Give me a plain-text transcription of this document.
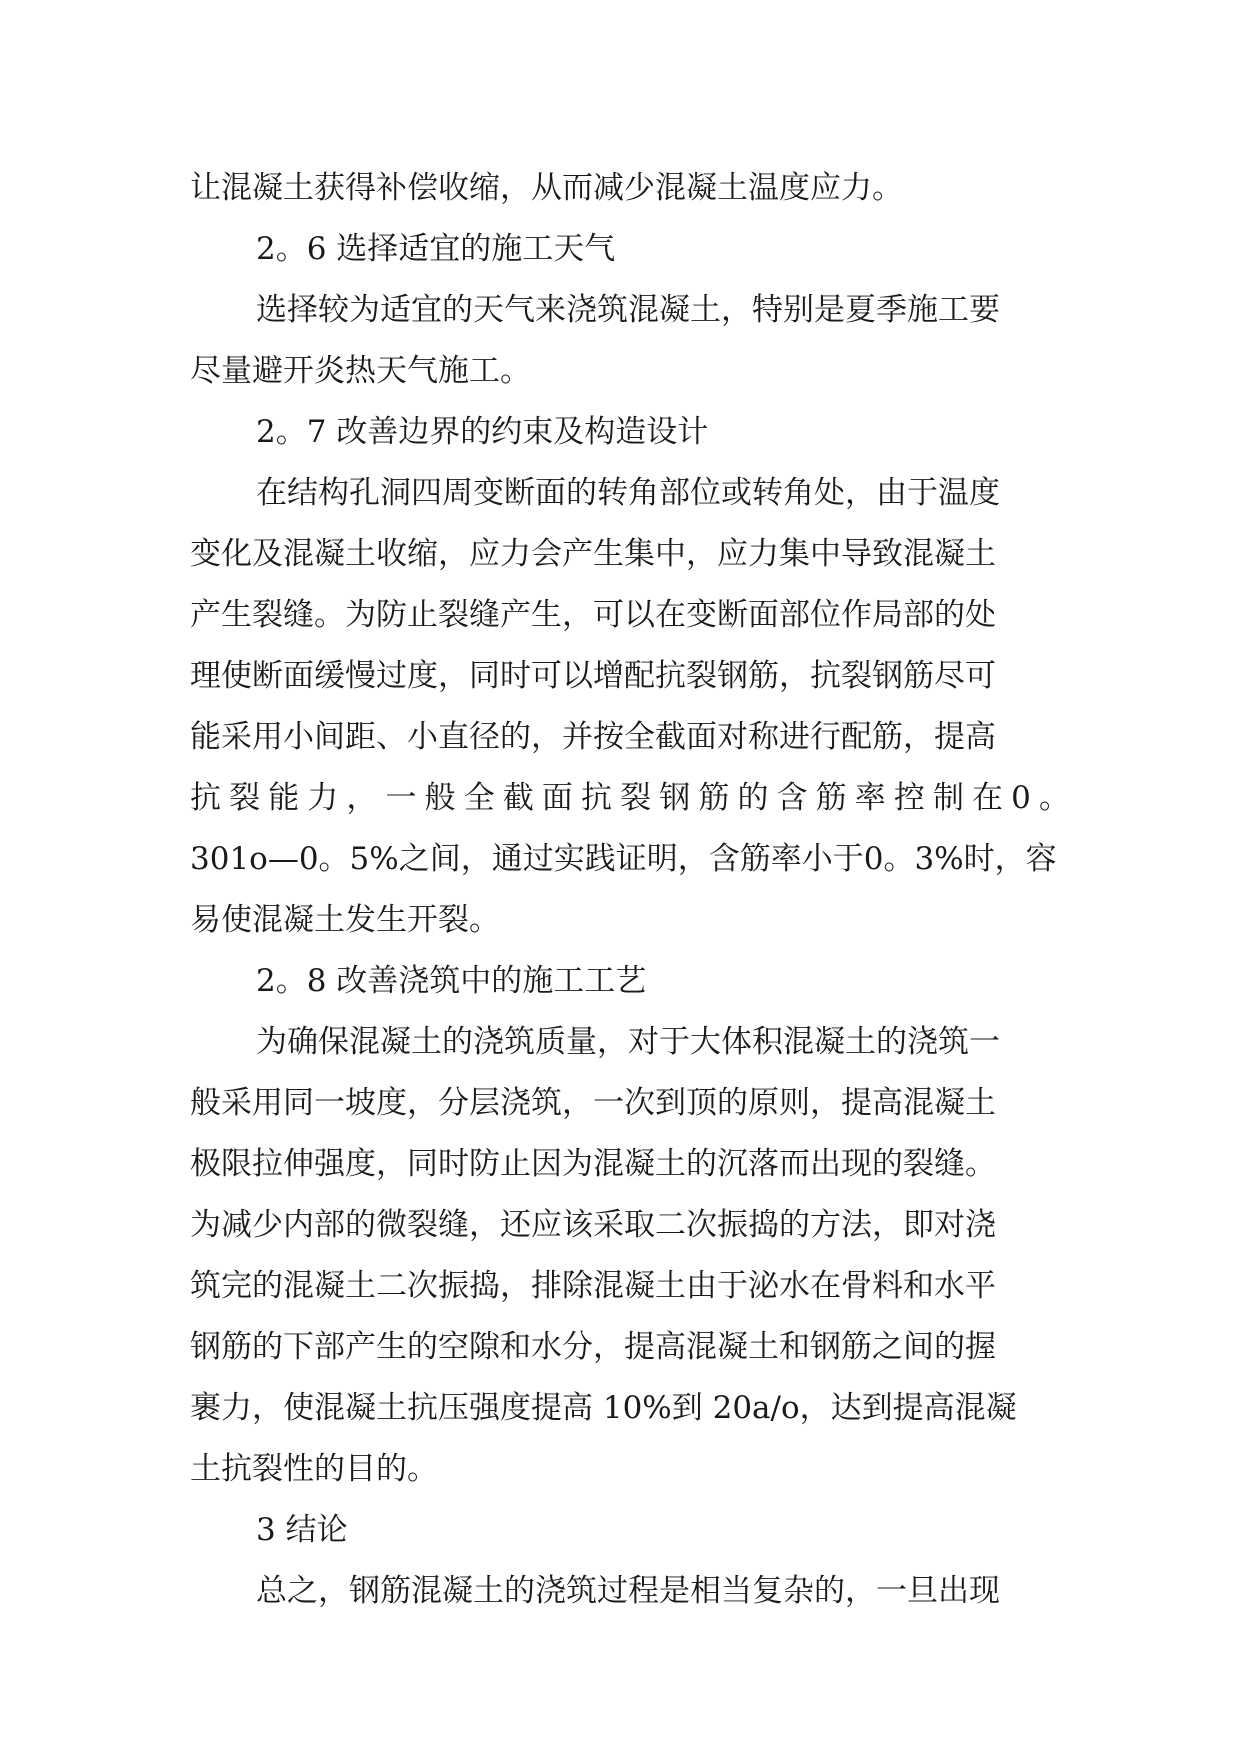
让混凝土获得补偿收缩，从而减少混凝土温度应力。
2。6 选择适宜的施工天气
选择较为适宜的天气来浇筑混凝土，特别是夏季施工要
尽量避开炎热天气施工。
2。7 改善边界的约束及构造设计
在结构孔洞四周变断面的转角部位或转角处，由于温度
变化及混凝土收缩，应力会产生集中，应力集中导致混凝土
产生裂缝。为防止裂缝产生，可以在变断面部位作局部的处
理使断面缓慢过度，同时可以增配抗裂钢筋，抗裂钢筋尽可
能采用小间距、小直径的，并按全截面对称进行配筋，提高
抗裂能力，一般全截面抗裂钢筋的含筋率控制在0。
301o—0。5%之间，通过实践证明，含筋率小于0。3%时，容
易使混凝土发生开裂。
2。8 改善浇筑中的施工工艺
为确保混凝土的浇筑质量，对于大体积混凝土的浇筑一
般采用同一坡度，分层浇筑，一次到顶的原则，提高混凝土
极限拉伸强度，同时防止因为混凝土的沉落而出现的裂缝。
为减少内部的微裂缝，还应该采取二次振捣的方法，即对浇
筑完的混凝土二次振捣，排除混凝土由于泌水在骨料和水平
钢筋的下部产生的空隙和水分，提高混凝土和钢筋之间的握
裹力，使混凝土抗压强度提高 10%到 20a/o，达到提高混凝
土抗裂性的目的。
3 结论
总之，钢筋混凝土的浇筑过程是相当复杂的，一旦出现
